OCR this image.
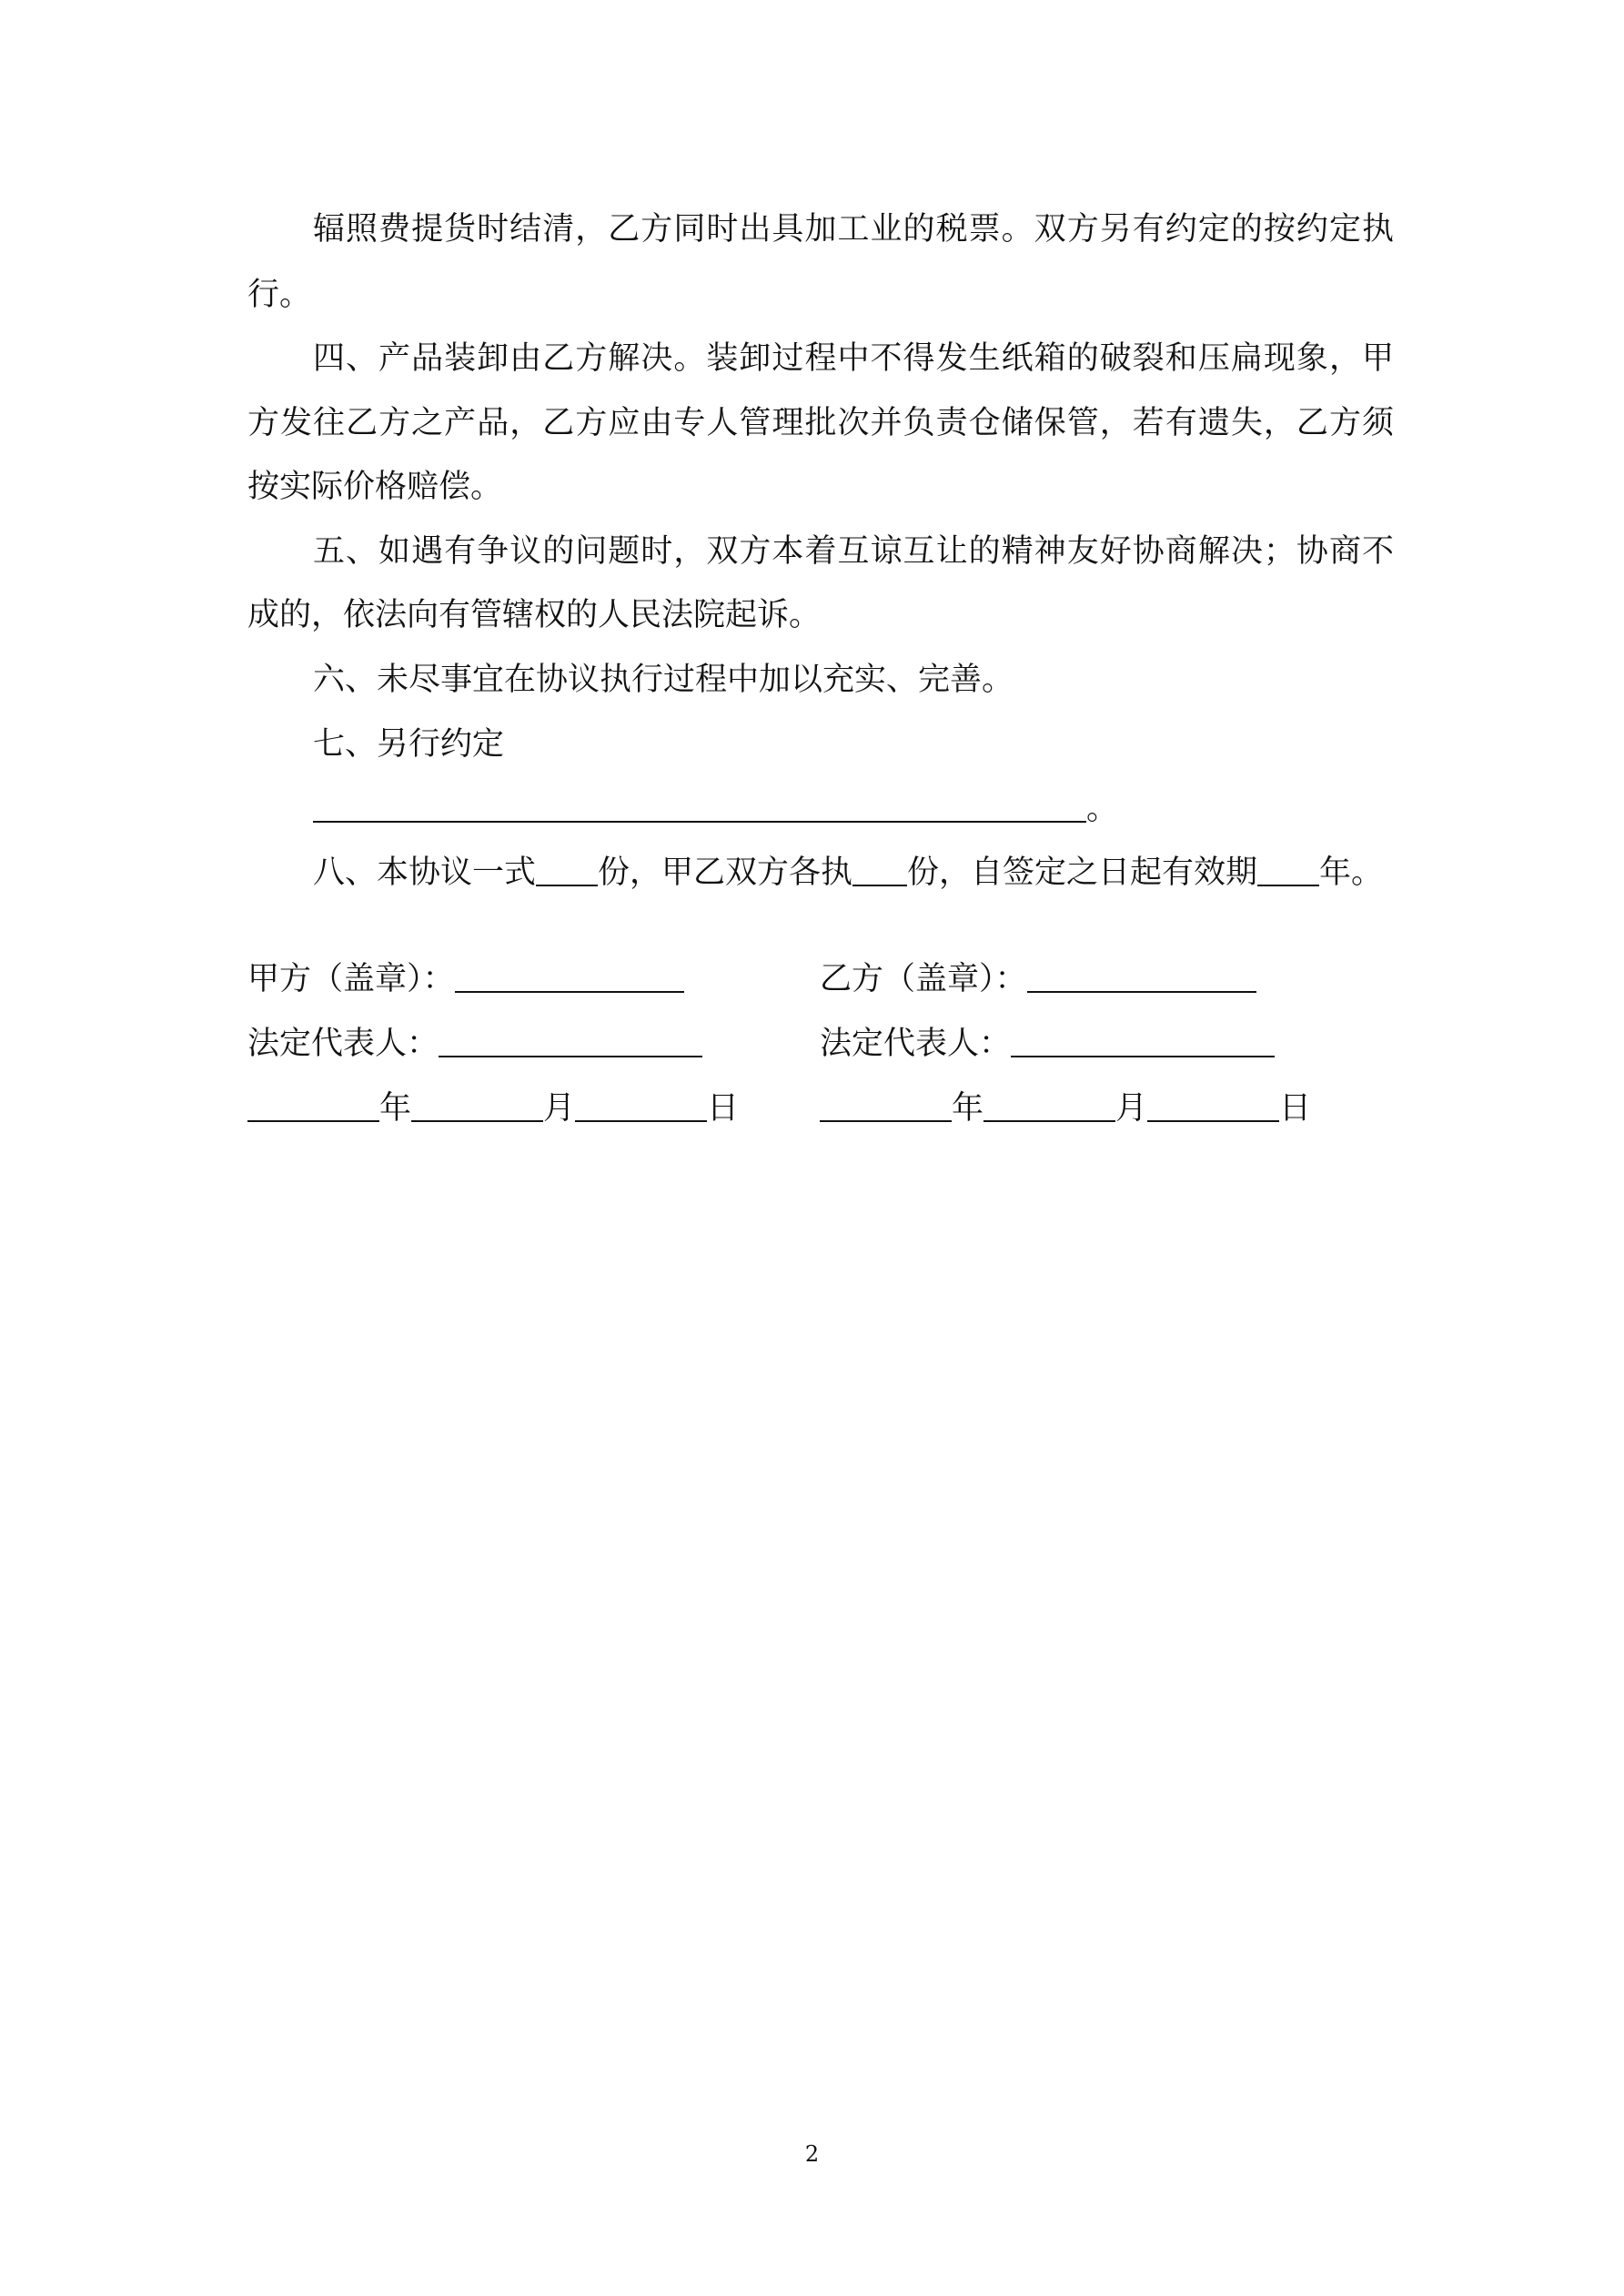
辐照费提货时结清，乙方同时出具加工业的税票。双方另有约定的按约定执
行。
四、产品装卸由乙方解决。装卸过程中不得发生纸箱的破裂和压扁现象，甲
方发往乙方之产品，乙方应由专人管理批次并负责仓储保管，若有遗失，乙方须
按实际价格赔偿。
五、如遇有争议的问题时，双方本着互谅互让的精神友好协商解决；协商不
成的，依法向有管辖权的人民法院起诉。
六、未尽事宜在协议执行过程中加以充实、完善。
七、另行约定
。
八、本协议一式 份，甲乙双方各执 份，自签定之日起有效期 年。
甲方（盖章）：
法定代表人：
年	月	日
乙方（盖章）：
法定代表人：
年	月	日
2
